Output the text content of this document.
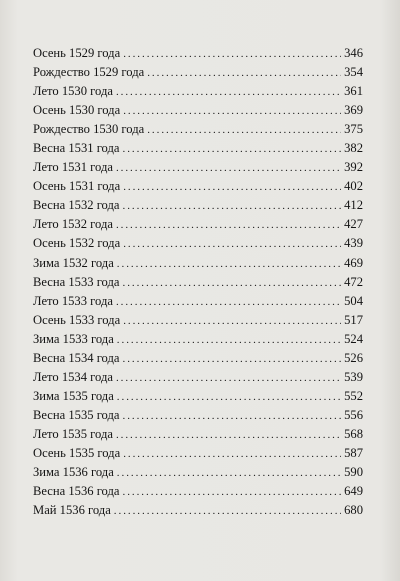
Осень 1529 года . . .	346
Рождество 1529 года . . .	354
Лето 1530 года . . .	361
Осень 1530 года . . .	369
Рождество 1530 года . . .	375
Весна 1531 года . . .	382
Лето 1531 года . . .	392
Осень 1531 года . . .	402
Весна 1532 года . . .	412
Лето 1532 года . . .	427
Осень 1532 года . . .	439
Зима 1532 года . . .	469
Весна 1533 года . . .	472
Лето 1533 года . . .	504
Осень 1533 года . . .	517
Зима 1533 года . . .	524
Весна 1534 года . . .	526
Лето 1534 года . . .	539
Зима 1535 года . . .	552
Весна 1535 года . . .	556
Лето 1535 года . . .	568
Осень 1535 года . . .	587
Зима 1536 года . . .	590
Весна 1536 года . . .	649
Май 1536 года . . .	680
